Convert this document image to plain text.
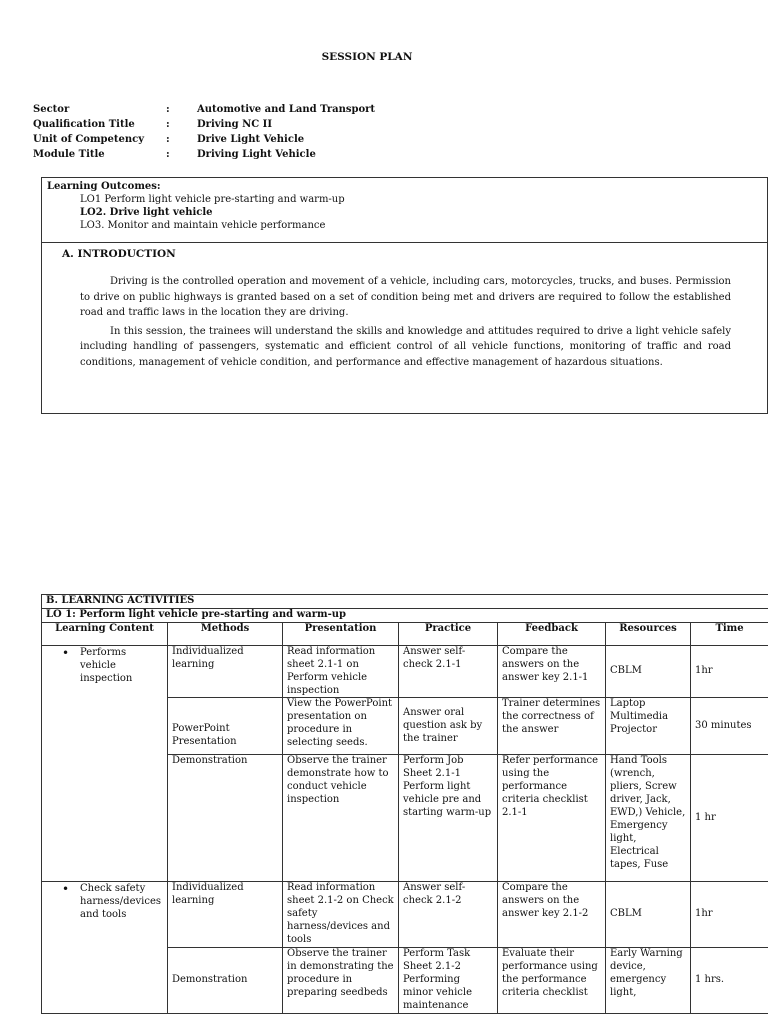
SESSION PLAN
Sector	:	Automotive and Land Transport
Qualification Title	:	Driving NC II
Unit of Competency	:	Drive Light Vehicle
Module Title	:	Driving Light Vehicle
Learning Outcomes:
LO1 Perform light vehicle pre-starting and warm-up
LO2. Drive light vehicle
LO3. Monitor and maintain vehicle performance
A. INTRODUCTION

Driving is the controlled operation and movement of a vehicle, including cars, motorcycles, trucks, and buses. Permission to drive on public highways is granted based on a set of condition being met and drivers are required to follow the established road and traffic laws in the location they are driving.

In this session, the trainees will understand the skills and knowledge and attitudes required to drive a light vehicle safely including handling of passengers, systematic and efficient control of all vehicle functions, monitoring of traffic and road conditions, management of vehicle condition, and performance and effective management of hazardous situations.

B. LEARNING ACTIVITIES						
LO 1: Perform light vehicle pre-starting and warm-up						
Learning Content	Methods	Presentation	Practice	Feedback	Resources	Time

• Performs vehicle inspection	Individualized learning	Read information sheet 2.1-1 on Perform vehicle inspection	Answer self-check 2.1-1	Compare the answers on the answer key 2.1-1	CBLM	1hr
	PowerPoint Presentation	View the PowerPoint presentation on procedure in selecting seeds.	Answer oral question ask by the trainer	Trainer determines the correctness of the answer	Laptop Multimedia Projector	30 minutes
	Demonstration	Observe the trainer demonstrate how to conduct vehicle inspection	Perform Job Sheet 2.1-1 Perform light vehicle pre and starting warm-up	Refer performance using the performance criteria checklist 2.1-1	Hand Tools (wrench, pliers, Screw driver, Jack, EWD,) Vehicle, Emergency light, Electrical tapes, Fuse	1 hr

• Check safety harness/devices and tools	Individualized learning	Read information sheet 2.1-2 on Check safety harness/devices and tools	Answer self-check 2.1-2	Compare the answers on the answer key 2.1-2	CBLM	1hr
	Demonstration	Observe the trainer in demonstrating the procedure in preparing seedbeds	Perform Task Sheet 2.1-2 Performing minor vehicle maintenance	Evaluate their performance using the performance criteria checklist	Early Warning device, emergency light,	1 hrs.
